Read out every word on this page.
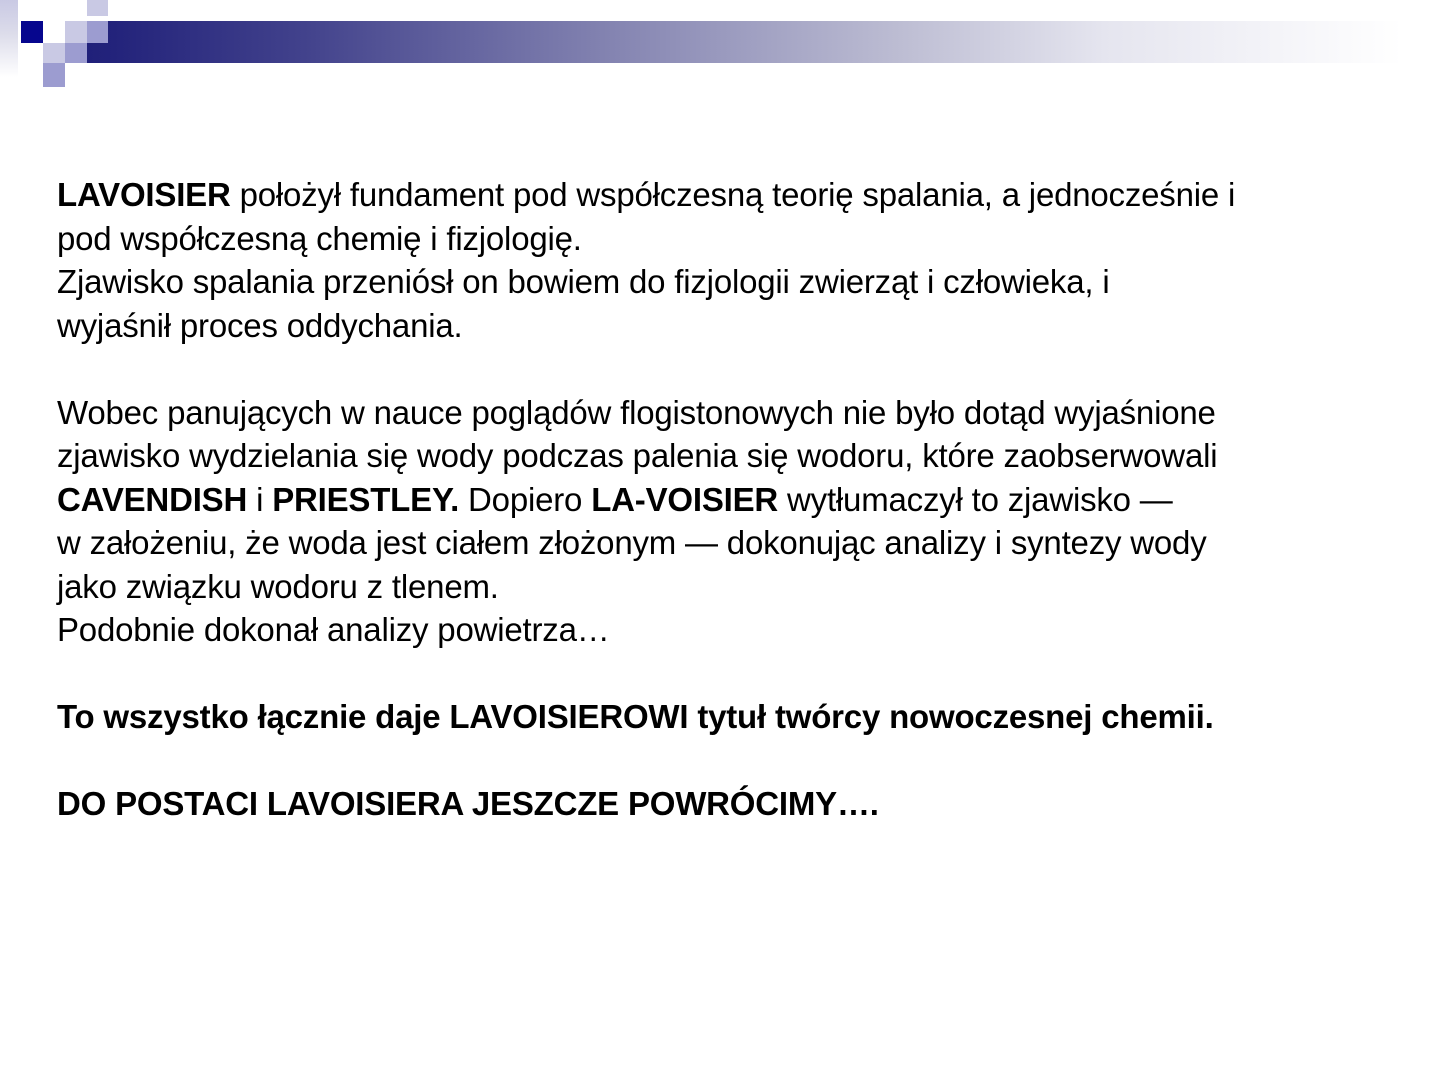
LAVOISIER położył fundament pod współczesną teorię spalania, a jednocześnie i
pod współczesną chemię i fizjologię.
Zjawisko spalania przeniósł on bowiem do fizjologii zwierząt i człowieka, i
wyjaśnił proces oddychania.

Wobec panujących w nauce poglądów flogistonowych nie było dotąd wyjaśnione
zjawisko wydzielania się wody podczas palenia się wodoru, które zaobserwowali
CAVENDISH i PRIESTLEY. Dopiero LA-VOISIER wytłumaczył to zjawisko —
w założeniu, że woda jest ciałem złożonym — dokonując analizy i syntezy wody
jako związku wodoru z tlenem.
Podobnie dokonał analizy powietrza…

To wszystko łącznie daje LAVOISIEROWI tytuł twórcy nowoczesnej chemii.

DO POSTACI LAVOISIERA JESZCZE POWRÓCIMY….
